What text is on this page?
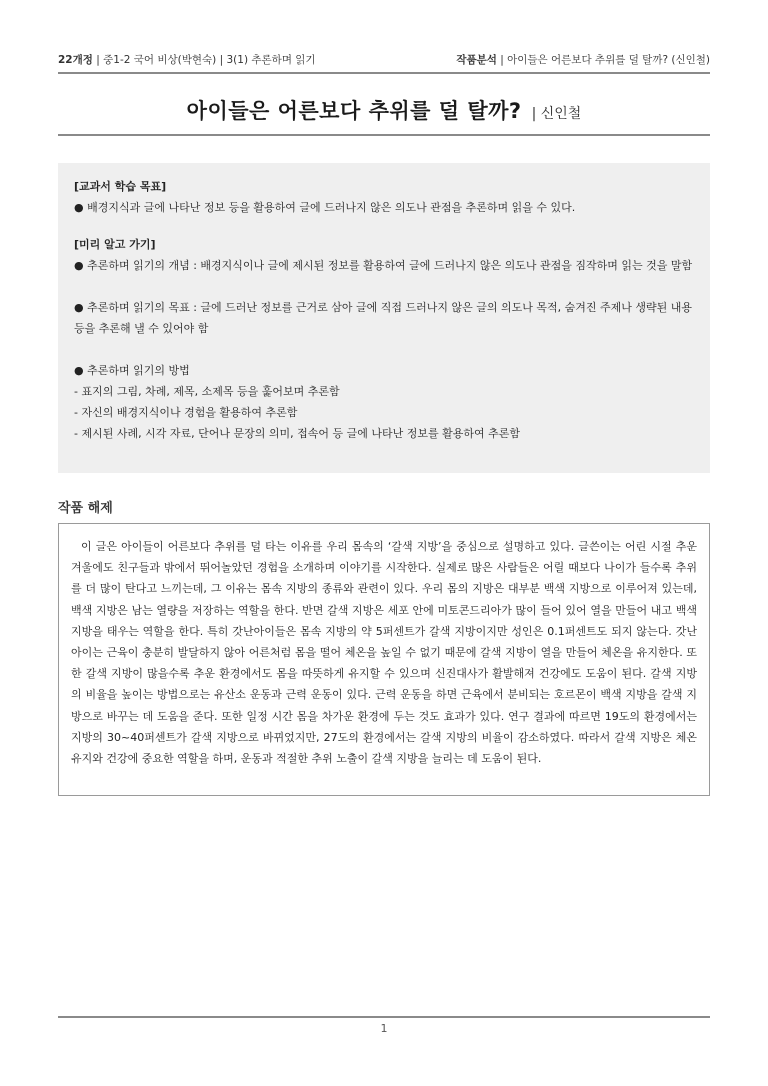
22개정 | 중1-2 국어 비상(박현숙) | 3(1) 추론하며 읽기	작품분석 | 아이들은 어른보다 추위를 덜 탈까? (신인철)
아이들은 어른보다 추위를 덜 탈까? | 신인철
[교과서 학습 목표]
● 배경지식과 글에 나타난 정보 등을 활용하여 글에 드러나지 않은 의도나 관점을 추론하며 읽을 수 있다.
[미리 알고 가기]
● 추론하며 읽기의 개념 : 배경지식이나 글에 제시된 정보를 활용하여 글에 드러나지 않은 의도나 관점을 짐작하며 읽는 것을 말함
● 추론하며 읽기의 목표 : 글에 드러난 정보를 근거로 삼아 글에 직접 드러나지 않은 글의 의도나 목적, 숨겨진 주제나 생략된 내용 등을 추론해 낼 수 있어야 함
● 추론하며 읽기의 방법
- 표지의 그림, 차례, 제목, 소제목 등을 훑어보며 추론함
- 자신의 배경지식이나 경험을 활용하여 추론함
- 제시된 사례, 시각 자료, 단어나 문장의 의미, 접속어 등 글에 나타난 정보를 활용하여 추론함
작품 해제

이 글은 아이들이 어른보다 추위를 덜 타는 이유를 우리 몸속의 ‘갈색 지방’을 중심으로 설명하고 있다. 글쓴이는 어린 시절 추운 겨울에도 친구들과 밖에서 뛰어놀았던 경험을 소개하며 이야기를 시작한다. 실제로 많은 사람들은 어릴 때보다 나이가 들수록 추위를 더 많이 탄다고 느끼는데, 그 이유는 몸속 지방의 종류와 관련이 있다. 우리 몸의 지방은 대부분 백색 지방으로 이루어져 있는데, 백색 지방은 남는 열량을 저장하는 역할을 한다. 반면 갈색 지방은 세포 안에 미토콘드리아가 많이 들어 있어 열을 만들어 내고 백색 지방을 태우는 역할을 한다. 특히 갓난아이들은 몸속 지방의 약 5퍼센트가 갈색 지방이지만 성인은 0.1퍼센트도 되지 않는다. 갓난아이는 근육이 충분히 발달하지 않아 어른처럼 몸을 떨어 체온을 높일 수 없기 때문에 갈색 지방이 열을 만들어 체온을 유지한다. 또한 갈색 지방이 많을수록 추운 환경에서도 몸을 따뜻하게 유지할 수 있으며 신진대사가 활발해져 건강에도 도움이 된다. 갈색 지방의 비율을 높이는 방법으로는 유산소 운동과 근력 운동이 있다. 근력 운동을 하면 근육에서 분비되는 호르몬이 백색 지방을 갈색 지방으로 바꾸는 데 도움을 준다. 또한 일정 시간 몸을 차가운 환경에 두는 것도 효과가 있다. 연구 결과에 따르면 19도의 환경에서는 지방의 30~40퍼센트가 갈색 지방으로 바뀌었지만, 27도의 환경에서는 갈색 지방의 비율이 감소하였다. 따라서 갈색 지방은 체온 유지와 건강에 중요한 역할을 하며, 운동과 적절한 추위 노출이 갈색 지방을 늘리는 데 도움이 된다.

1
